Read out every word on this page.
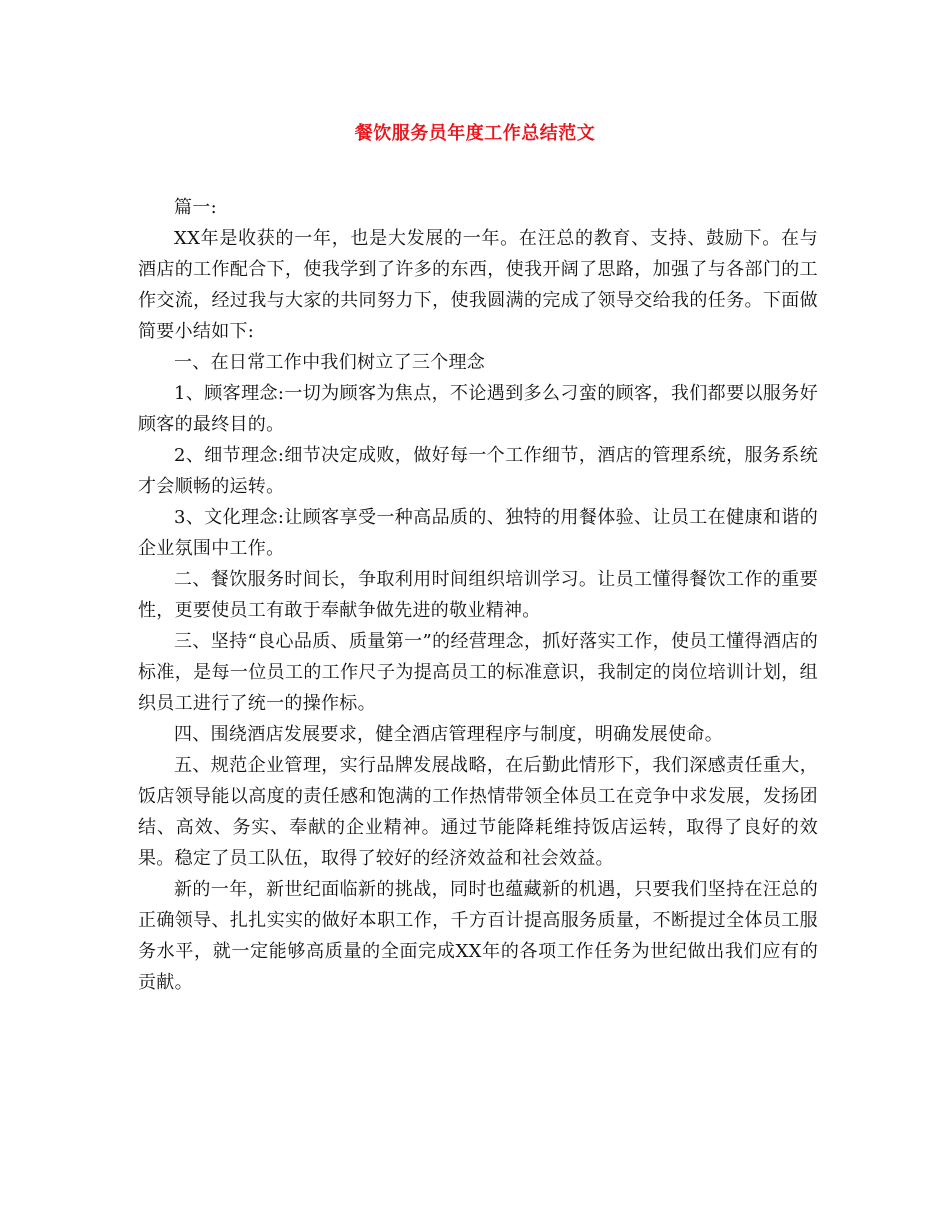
餐饮服务员年度工作总结范文

篇一:

XX年是收获的一年，也是大发展的一年。在汪总的教育、支持、鼓励下。在与酒店的工作配合下，使我学到了许多的东西，使我开阔了思路，加强了与各部门的工作交流，经过我与大家的共同努力下，使我圆满的完成了领导交给我的任务。下面做简要小结如下:

一、在日常工作中我们树立了三个理念

1、顾客理念:一切为顾客为焦点，不论遇到多么刁蛮的顾客，我们都要以服务好顾客的最终目的。

2、细节理念:细节决定成败，做好每一个工作细节，酒店的管理系统，服务系统才会顺畅的运转。

3、文化理念:让顾客享受一种高品质的、独特的用餐体验、让员工在健康和谐的企业氛围中工作。

二、餐饮服务时间长，争取利用时间组织培训学习。让员工懂得餐饮工作的重要性，更要使员工有敢于奉献争做先进的敬业精神。

三、坚持“良心品质、质量第一”的经营理念，抓好落实工作，使员工懂得酒店的标准，是每一位员工的工作尺子为提高员工的标准意识，我制定的岗位培训计划，组织员工进行了统一的操作标。

四、围绕酒店发展要求，健全酒店管理程序与制度，明确发展使命。

五、规范企业管理，实行品牌发展战略，在后勤此情形下，我们深感责任重大，饭店领导能以高度的责任感和饱满的工作热情带领全体员工在竞争中求发展，发扬团结、高效、务实、奉献的企业精神。通过节能降耗维持饭店运转，取得了良好的效果。稳定了员工队伍，取得了较好的经济效益和社会效益。

新的一年，新世纪面临新的挑战，同时也蕴藏新的机遇，只要我们坚持在汪总的正确领导、扎扎实实的做好本职工作，千方百计提高服务质量，不断提过全体员工服务水平，就一定能够高质量的全面完成XX年的各项工作任务为世纪做出我们应有的贡献。
